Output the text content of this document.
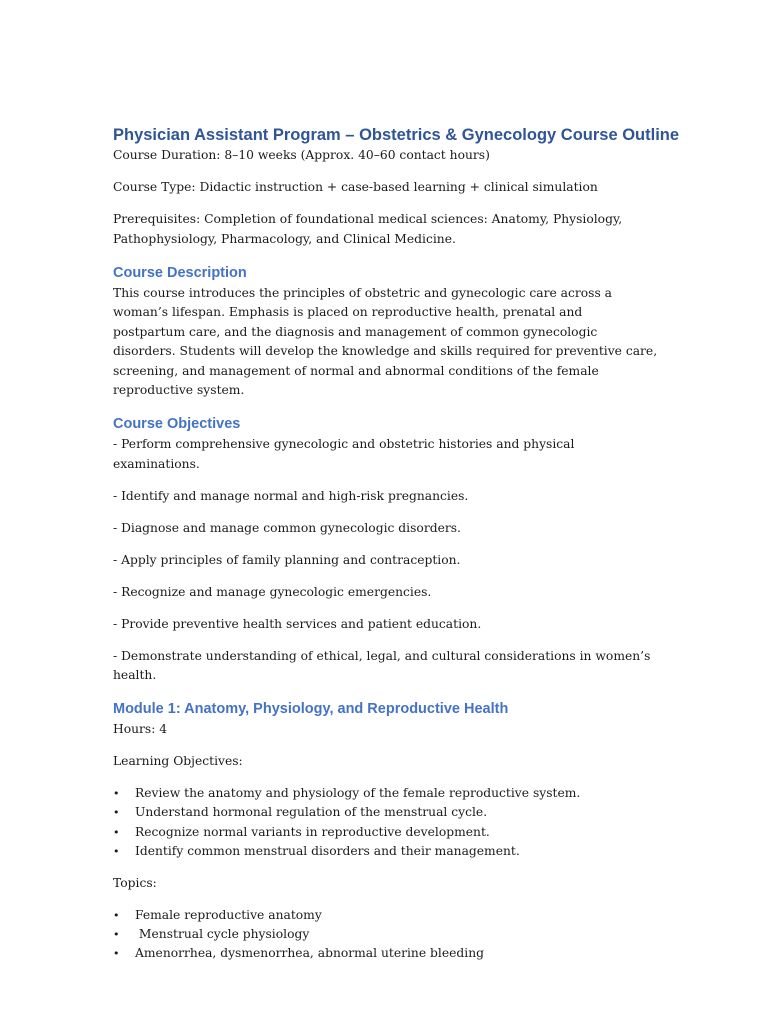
Physician Assistant Program – Obstetrics & Gynecology Course Outline

Course Duration: 8–10 weeks (Approx. 40–60 contact hours)

Course Type: Didactic instruction + case-based learning + clinical simulation

Prerequisites: Completion of foundational medical sciences: Anatomy, Physiology, Pathophysiology, Pharmacology, and Clinical Medicine.

Course Description

This course introduces the principles of obstetric and gynecologic care across a woman’s lifespan. Emphasis is placed on reproductive health, prenatal and postpartum care, and the diagnosis and management of common gynecologic disorders. Students will develop the knowledge and skills required for preventive care, screening, and management of normal and abnormal conditions of the female reproductive system.

Course Objectives

- Perform comprehensive gynecologic and obstetric histories and physical examinations.

- Identify and manage normal and high-risk pregnancies.

- Diagnose and manage common gynecologic disorders.

- Apply principles of family planning and contraception.

- Recognize and manage gynecologic emergencies.

- Provide preventive health services and patient education.

- Demonstrate understanding of ethical, legal, and cultural considerations in women’s health.

Module 1: Anatomy, Physiology, and Reproductive Health

Hours: 4

Learning Objectives:

• Review the anatomy and physiology of the female reproductive system.
• Understand hormonal regulation of the menstrual cycle.
• Recognize normal variants in reproductive development.
• Identify common menstrual disorders and their management.

Topics:

• Female reproductive anatomy
• Menstrual cycle physiology
• Amenorrhea, dysmenorrhea, abnormal uterine bleeding
